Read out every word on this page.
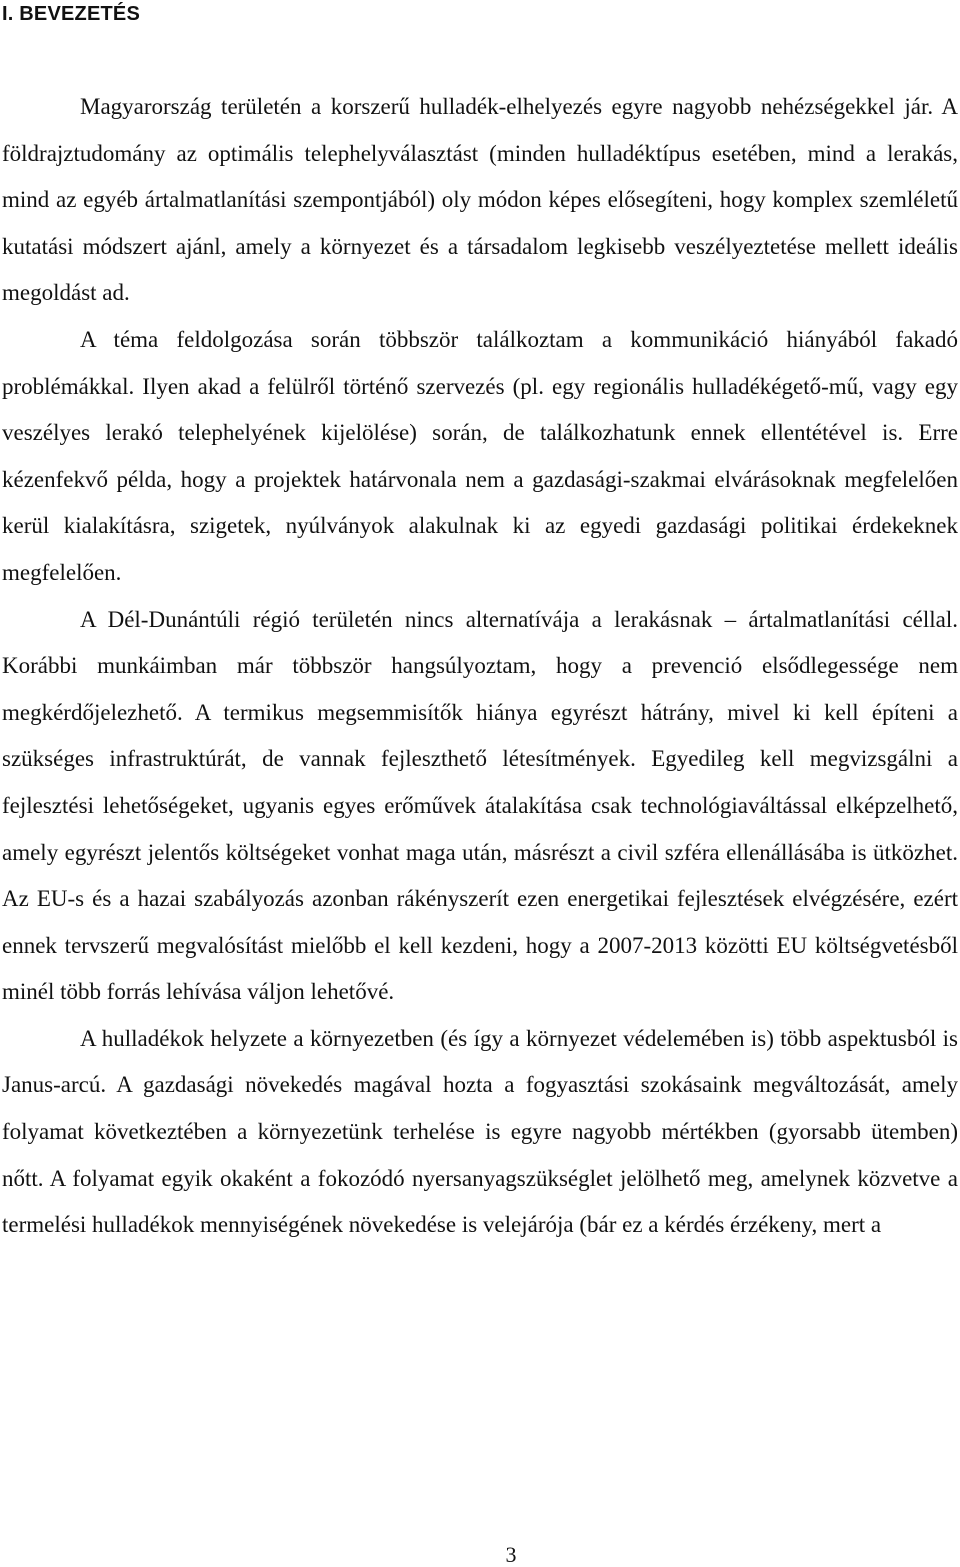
I. BEVEZETÉS

Magyarország területén a korszerű hulladék-elhelyezés egyre nagyobb nehézségekkel jár. A földrajztudomány az optimális telephelyválasztást (minden hulladéktípus esetében, mind a lerakás, mind az egyéb ártalmatlanítási szempontjából) oly módon képes elősegíteni, hogy komplex szemléletű kutatási módszert ajánl, amely a környezet és a társadalom legkisebb veszélyeztetése mellett ideális megoldást ad.

A téma feldolgozása során többször találkoztam a kommunikáció hiányából fakadó problémákkal. Ilyen akad a felülről történő szervezés (pl. egy regionális hulladékégető-mű, vagy egy veszélyes lerakó telephelyének kijelölése) során, de találkozhatunk ennek ellentétével is. Erre kézenfekvő példa, hogy a projektek határvonala nem a gazdasági-szakmai elvárásoknak megfelelően kerül kialakításra, szigetek, nyúlványok alakulnak ki az egyedi gazdasági politikai érdekeknek megfelelően.

A Dél-Dunántúli régió területén nincs alternatívája a lerakásnak – ártalmatlanítási céllal. Korábbi munkáimban már többször hangsúlyoztam, hogy a prevenció elsődlegessége nem megkérdőjelezhető. A termikus megsemmisítők hiánya egyrészt hátrány, mivel ki kell építeni a szükséges infrastruktúrát, de vannak fejleszthető létesítmények. Egyedileg kell megvizsgálni a fejlesztési lehetőségeket, ugyanis egyes erőművek átalakítása csak technológiaváltással elképzelhető, amely egyrészt jelentős költségeket vonhat maga után, másrészt a civil szféra ellenállásába is ütközhet. Az EU-s és a hazai szabályozás azonban rákényszerít ezen energetikai fejlesztések elvégzésére, ezért ennek tervszerű megvalósítást mielőbb el kell kezdeni, hogy a 2007-2013 közötti EU költségvetésből minél több forrás lehívása váljon lehetővé.

A hulladékok helyzete a környezetben (és így a környezet védelemében is) több aspektusból is Janus-arcú. A gazdasági növekedés magával hozta a fogyasztási szokásaink megváltozását, amely folyamat következtében a környezetünk terhelése is egyre nagyobb mértékben (gyorsabb ütemben) nőtt. A folyamat egyik okaként a fokozódó nyersanyagszükséglet jelölhető meg, amelynek közvetve a termelési hulladékok mennyiségének növekedése is velejárója (bár ez a kérdés érzékeny, mert a

3
